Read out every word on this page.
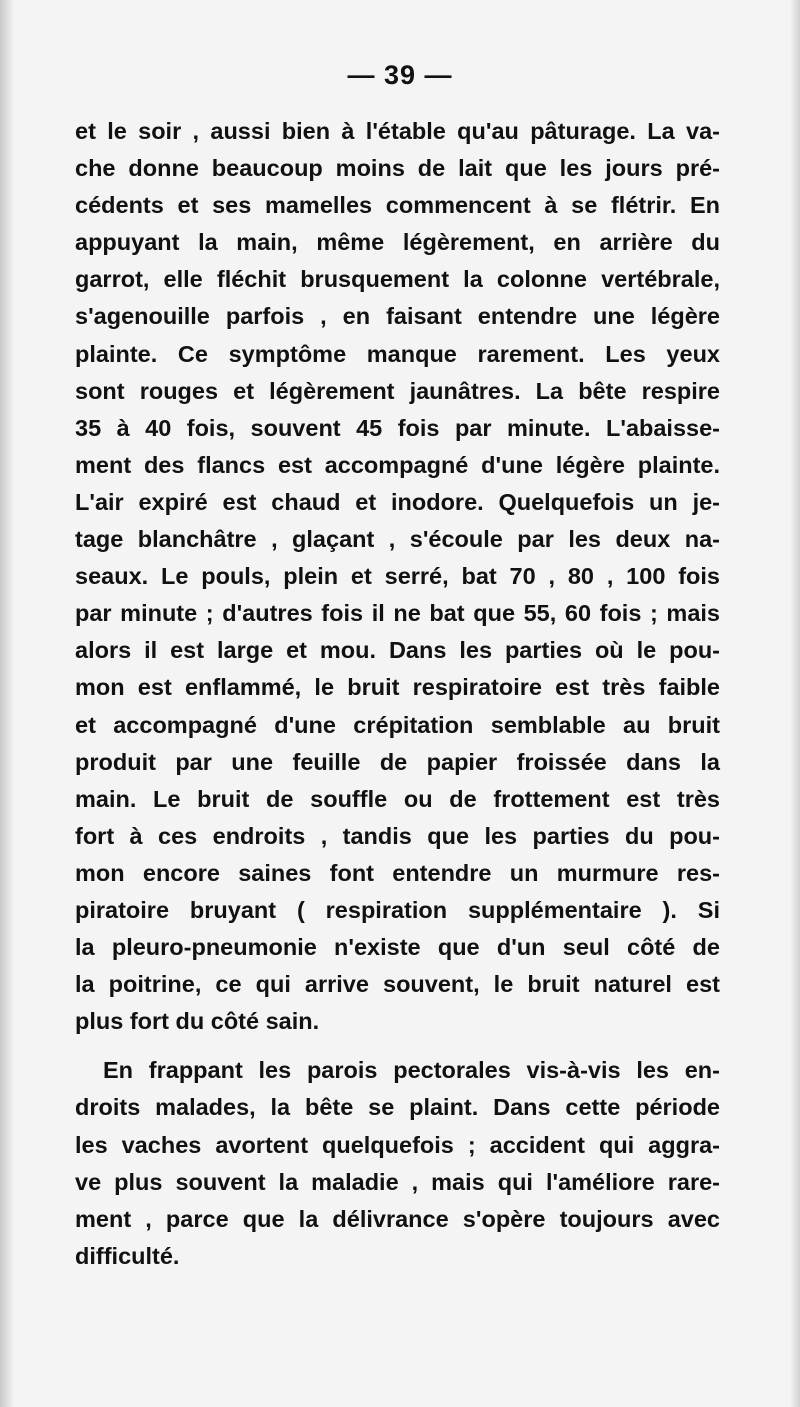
— 39 —
et le soir , aussi bien à l'étable qu'au pâturage. La va-
che donne beaucoup moins de lait que les jours pré-
cédents et ses mamelles commencent à se flétrir. En
appuyant la main, même légèrement, en arrière du
garrot, elle fléchit brusquement la colonne vertébrale,
s'agenouille parfois , en faisant entendre une légère
plainte. Ce symptôme manque rarement. Les yeux
sont rouges et légèrement jaunâtres. La bête respire
35 à 40 fois, souvent 45 fois par minute. L'abaisse-
ment des flancs est accompagné d'une légère plainte.
L'air expiré est chaud et inodore. Quelquefois un je-
tage blanchâtre , glaçant , s'écoule par les deux na-
seaux. Le pouls, plein et serré, bat 70 , 80 , 100 fois
par minute ; d'autres fois il ne bat que 55, 60 fois ; mais
alors il est large et mou. Dans les parties où le pou-
mon est enflammé, le bruit respiratoire est très faible
et accompagné d'une crépitation semblable au bruit
produit par une feuille de papier froissée dans la
main. Le bruit de souffle ou de frottement est très
fort à ces endroits , tandis que les parties du pou-
mon encore saines font entendre un murmure res-
piratoire bruyant ( respiration supplémentaire ). Si
la pleuro-pneumonie n'existe que d'un seul côté de
la poitrine, ce qui arrive souvent, le bruit naturel est
plus fort du côté sain.
En frappant les parois pectorales vis-à-vis les en-
droits malades, la bête se plaint. Dans cette période
les vaches avortent quelquefois ; accident qui aggra-
ve plus souvent la maladie , mais qui l'améliore rare-
ment , parce que la délivrance s'opère toujours avec
difficulté.
